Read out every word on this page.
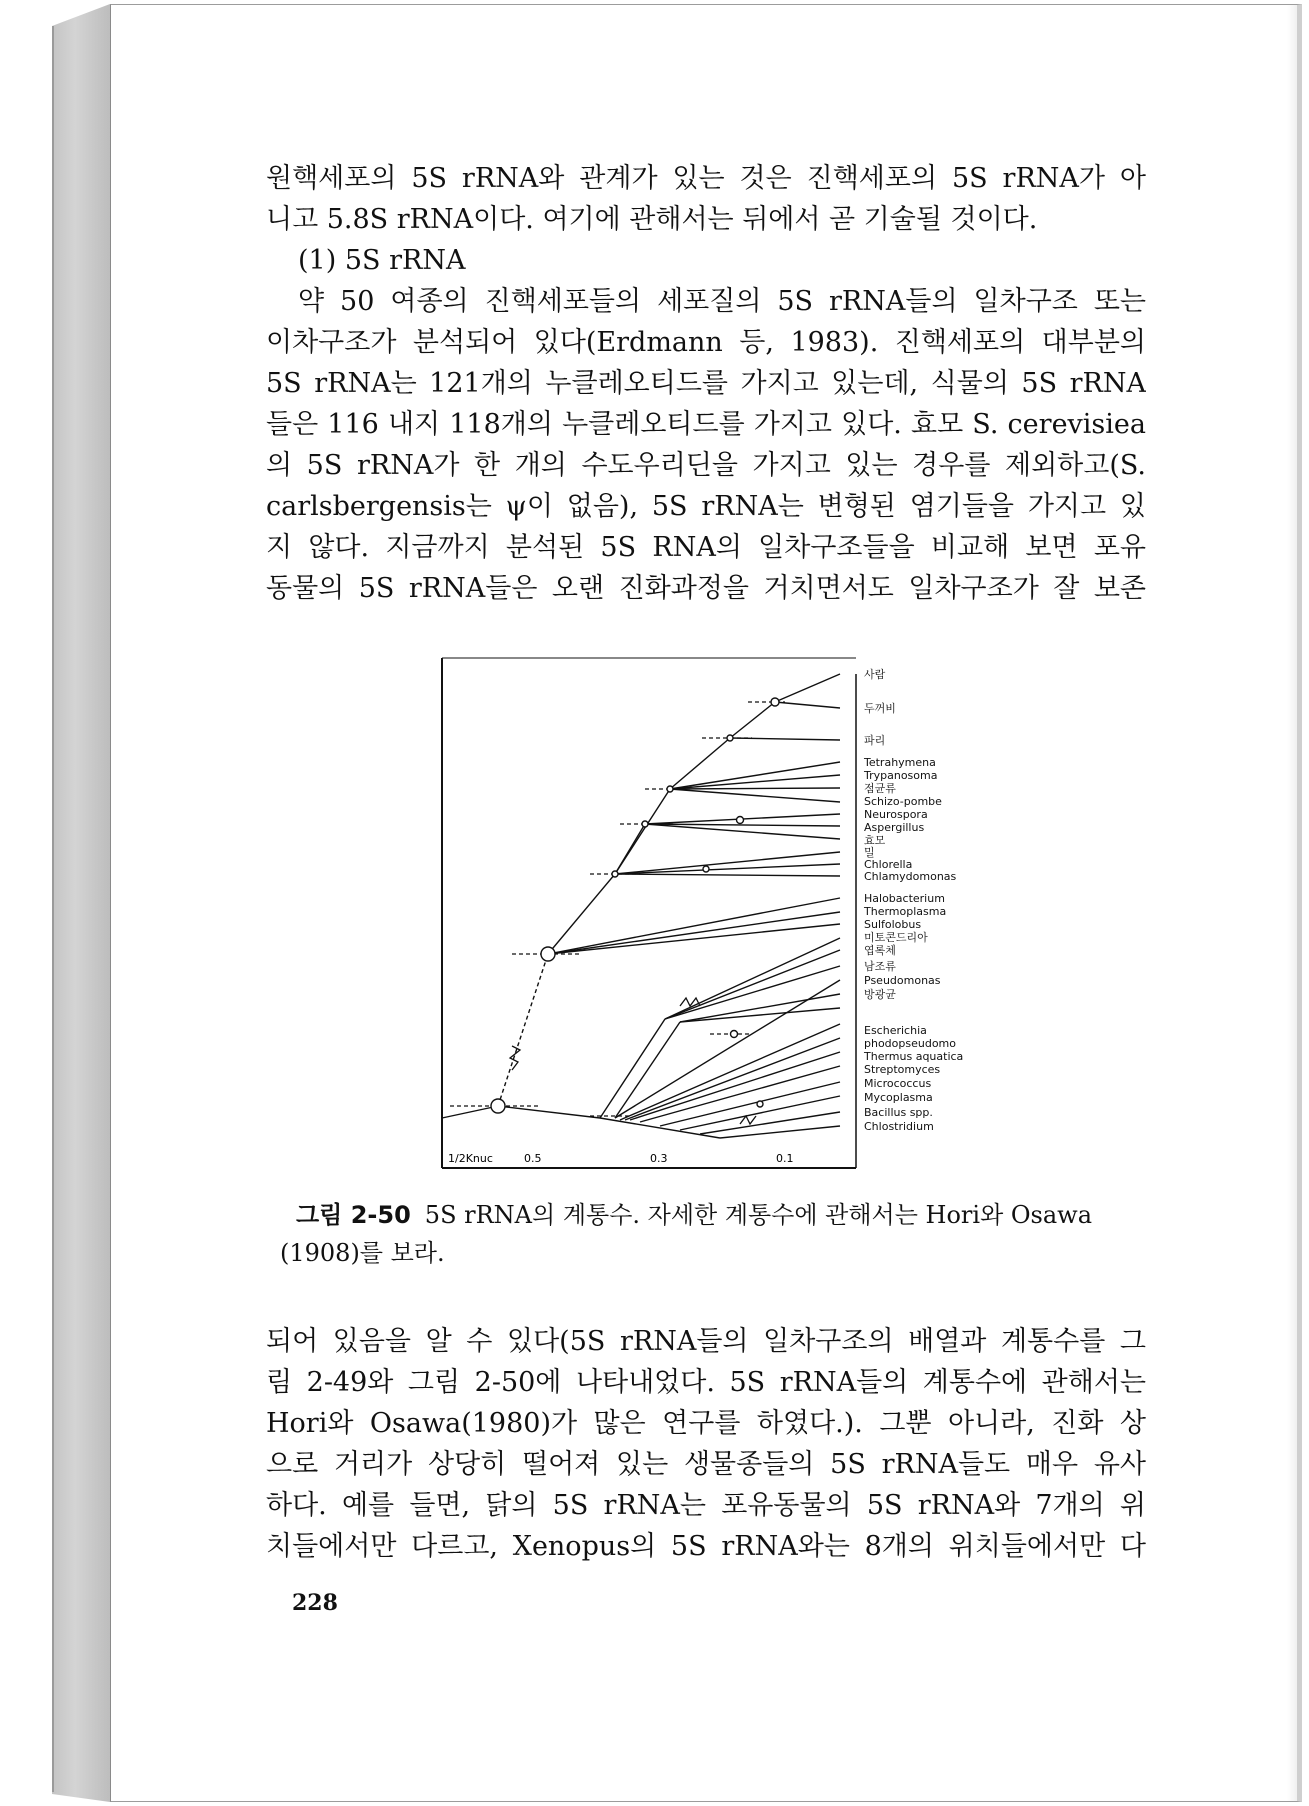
원핵세포의 5S rRNA와 관계가 있는 것은 진핵세포의 5S rRNA가 아
니고 5.8S rRNA이다. 여기에 관해서는 뒤에서 곧 기술될 것이다.
(1) 5S rRNA
약 50 여종의 진핵세포들의 세포질의 5S rRNA들의 일차구조 또는
이차구조가 분석되어 있다(Erdmann 등, 1983). 진핵세포의 대부분의
5S rRNA는 121개의 누클레오티드를 가지고 있는데, 식물의 5S rRNA
들은 116 내지 118개의 누클레오티드를 가지고 있다. 효모 S. cerevisiea
의 5S rRNA가 한 개의 수도우리딘을 가지고 있는 경우를 제외하고(S.
carlsbergensis는 ψ이 없음), 5S rRNA는 변형된 염기들을 가지고 있
지 않다. 지금까지 분석된 5S RNA의 일차구조들을 비교해 보면 포유
동물의 5S rRNA들은 오랜 진화과정을 거치면서도 일차구조가 잘 보존
1/2Knuc	0.5	0.3	0.1
사람
두꺼비
파리
Tetrahymena
Trypanosoma
점균류
Schizo-pombe
Neurospora
Aspergillus
효모
밀
Chlorella
Chlamydomonas
Halobacterium
Thermoplasma
Sulfolobus
미토콘드리아
엽록체
남조류
Pseudomonas
방광균
Escherichia
phodopseudomo
Thermus aquatica
Streptomyces
Micrococcus
Mycoplasma
Bacillus spp.
Chlostridium
그림 2-50 5S rRNA의 계통수. 자세한 계통수에 관해서는 Hori와 Osawa
(1908)를 보라.
되어 있음을 알 수 있다(5S rRNA들의 일차구조의 배열과 계통수를 그
림 2-49와 그림 2-50에 나타내었다. 5S rRNA들의 계통수에 관해서는
Hori와 Osawa(1980)가 많은 연구를 하였다.). 그뿐 아니라, 진화 상
으로 거리가 상당히 떨어져 있는 생물종들의 5S rRNA들도 매우 유사
하다. 예를 들면, 닭의 5S rRNA는 포유동물의 5S rRNA와 7개의 위
치들에서만 다르고, Xenopus의 5S rRNA와는 8개의 위치들에서만 다
228
